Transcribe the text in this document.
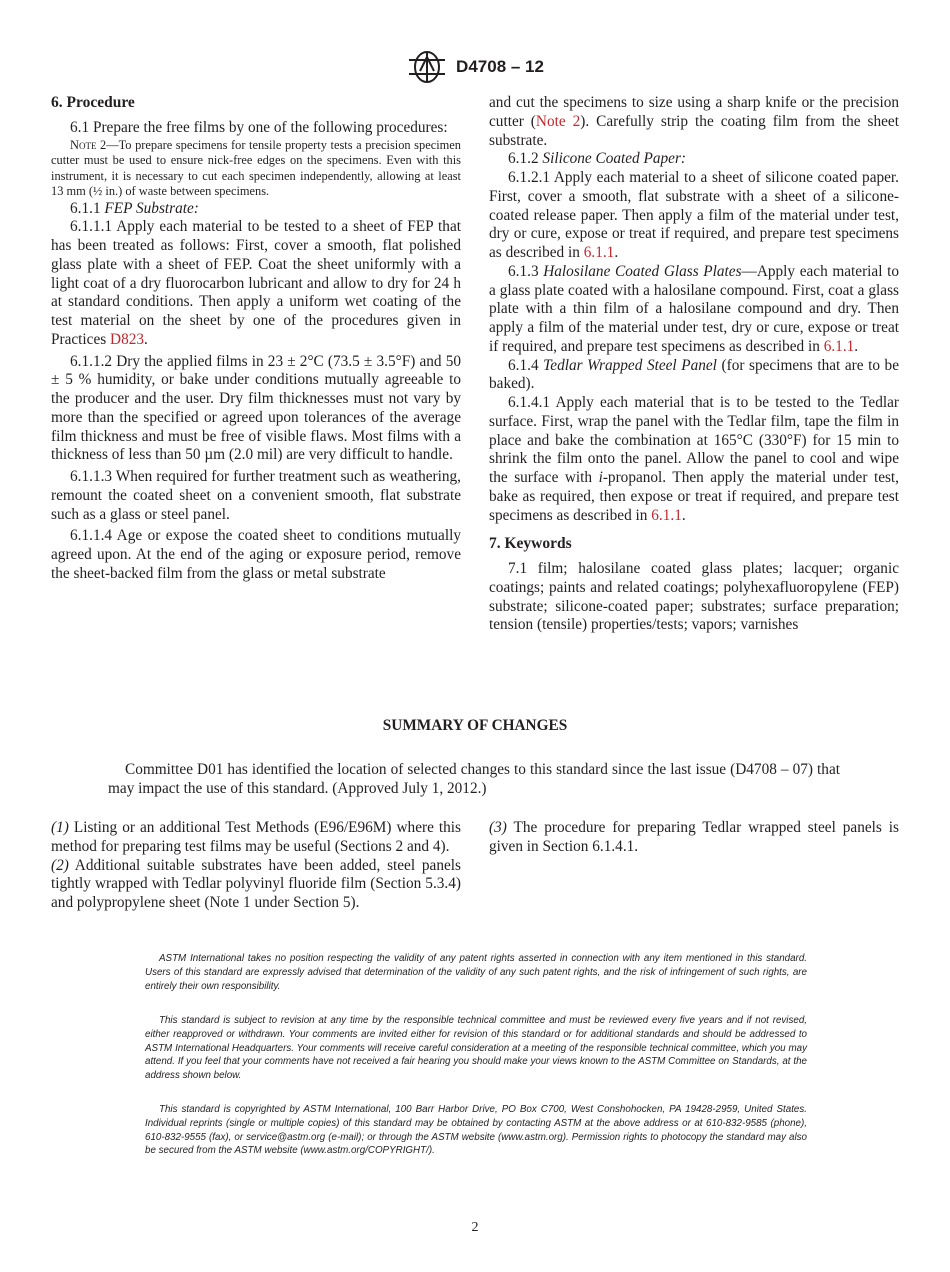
D4708 – 12
6. Procedure

6.1 Prepare the free films by one of the following procedures:

Note 2—To prepare specimens for tensile property tests a precision specimen cutter must be used to ensure nick-free edges on the specimens. Even with this instrument, it is necessary to cut each specimen independently, allowing at least 13 mm (½ in.) of waste between specimens.

6.1.1 FEP Substrate:

6.1.1.1 Apply each material to be tested to a sheet of FEP that has been treated as follows: First, cover a smooth, flat polished glass plate with a sheet of FEP. Coat the sheet uniformly with a light coat of a dry fluorocarbon lubricant and allow to dry for 24 h at standard conditions. Then apply a uniform wet coating of the test material on the sheet by one of the procedures given in Practices D823.

6.1.1.2 Dry the applied films in 23 ± 2°C (73.5 ± 3.5°F) and 50 ± 5 % humidity, or bake under conditions mutually agreeable to the producer and the user. Dry film thicknesses must not vary by more than the specified or agreed upon tolerances of the average film thickness and must be free of visible flaws. Most films with a thickness of less than 50 µm (2.0 mil) are very difficult to handle.

6.1.1.3 When required for further treatment such as weathering, remount the coated sheet on a convenient smooth, flat substrate such as a glass or steel panel.

6.1.1.4 Age or expose the coated sheet to conditions mutually agreed upon. At the end of the aging or exposure period, remove the sheet-backed film from the glass or metal substrate

and cut the specimens to size using a sharp knife or the precision cutter (Note 2). Carefully strip the coating film from the sheet substrate.

6.1.2 Silicone Coated Paper:

6.1.2.1 Apply each material to a sheet of silicone coated paper. First, cover a smooth, flat substrate with a sheet of a silicone-coated release paper. Then apply a film of the material under test, dry or cure, expose or treat if required, and prepare test specimens as described in 6.1.1.

6.1.3 Halosilane Coated Glass Plates—Apply each material to a glass plate coated with a halosilane compound. First, coat a glass plate with a thin film of a halosilane compound and dry. Then apply a film of the material under test, dry or cure, expose or treat if required, and prepare test specimens as described in 6.1.1.

6.1.4 Tedlar Wrapped Steel Panel (for specimens that are to be baked).

6.1.4.1 Apply each material that is to be tested to the Tedlar surface. First, wrap the panel with the Tedlar film, tape the film in place and bake the combination at 165°C (330°F) for 15 min to shrink the film onto the panel. Allow the panel to cool and wipe the surface with i-propanol. Then apply the material under test, bake as required, then expose or treat if required, and prepare test specimens as described in 6.1.1.

7. Keywords

7.1 film; halosilane coated glass plates; lacquer; organic coatings; paints and related coatings; polyhexafluoropylene (FEP) substrate; silicone-coated paper; substrates; surface preparation; tension (tensile) properties/tests; vapors; varnishes

SUMMARY OF CHANGES

Committee D01 has identified the location of selected changes to this standard since the last issue (D4708 – 07) that may impact the use of this standard. (Approved July 1, 2012.)

(1) Listing or an additional Test Methods (E96/E96M) where this method for preparing test films may be useful (Sections 2 and 4).

(2) Additional suitable substrates have been added, steel panels tightly wrapped with Tedlar polyvinyl fluoride film (Section 5.3.4) and polypropylene sheet (Note 1 under Section 5).

(3) The procedure for preparing Tedlar wrapped steel panels is given in Section 6.1.4.1.

ASTM International takes no position respecting the validity of any patent rights asserted in connection with any item mentioned in this standard. Users of this standard are expressly advised that determination of the validity of any such patent rights, and the risk of infringement of such rights, are entirely their own responsibility.

This standard is subject to revision at any time by the responsible technical committee and must be reviewed every five years and if not revised, either reapproved or withdrawn. Your comments are invited either for revision of this standard or for additional standards and should be addressed to ASTM International Headquarters. Your comments will receive careful consideration at a meeting of the responsible technical committee, which you may attend. If you feel that your comments have not received a fair hearing you should make your views known to the ASTM Committee on Standards, at the address shown below.

This standard is copyrighted by ASTM International, 100 Barr Harbor Drive, PO Box C700, West Conshohocken, PA 19428-2959, United States. Individual reprints (single or multiple copies) of this standard may be obtained by contacting ASTM at the above address or at 610-832-9585 (phone), 610-832-9555 (fax), or service@astm.org (e-mail); or through the ASTM website (www.astm.org). Permission rights to photocopy the standard may also be secured from the ASTM website (www.astm.org/COPYRIGHT/).

2
